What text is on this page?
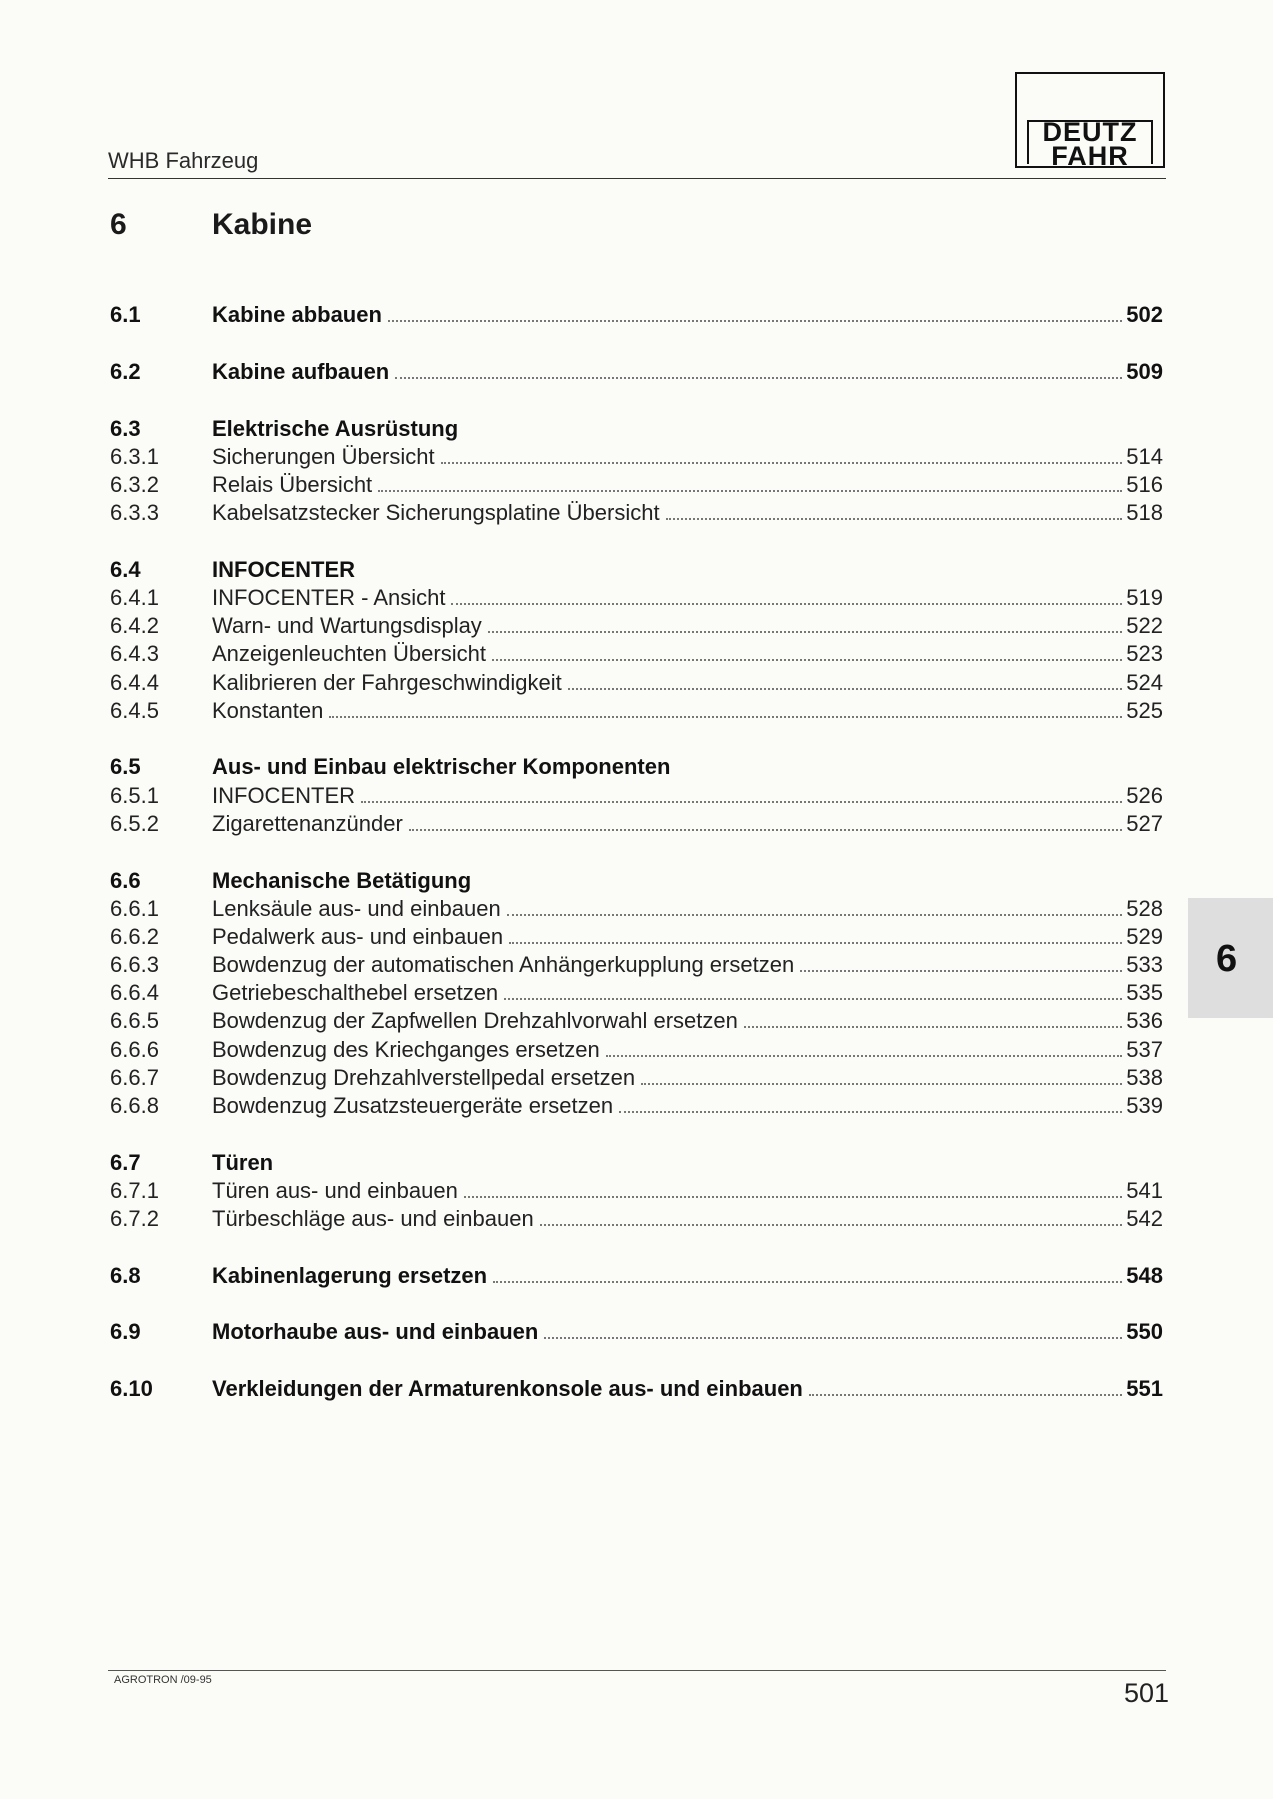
WHB Fahrzeug
DEUTZ
FAHR
6	Kabine
6.1	Kabine abbauen	502
6.2	Kabine aufbauen	509
6.3	Elektrische Ausrüstung
6.3.1	Sicherungen Übersicht	514
6.3.2	Relais Übersicht	516
6.3.3	Kabelsatzstecker Sicherungsplatine Übersicht	518
6.4	INFOCENTER
6.4.1	INFOCENTER - Ansicht	519
6.4.2	Warn- und Wartungsdisplay	522
6.4.3	Anzeigenleuchten Übersicht	523
6.4.4	Kalibrieren der Fahrgeschwindigkeit	524
6.4.5	Konstanten	525
6.5	Aus- und Einbau elektrischer Komponenten
6.5.1	INFOCENTER	526
6.5.2	Zigarettenanzünder	527
6.6	Mechanische Betätigung
6.6.1	Lenksäule aus- und einbauen	528
6.6.2	Pedalwerk aus- und einbauen	529
6.6.3	Bowdenzug der automatischen Anhängerkupplung ersetzen	533
6.6.4	Getriebeschalthebel ersetzen	535
6.6.5	Bowdenzug der Zapfwellen Drehzahlvorwahl ersetzen	536
6.6.6	Bowdenzug des Kriechganges ersetzen	537
6.6.7	Bowdenzug Drehzahlverstellpedal ersetzen	538
6.6.8	Bowdenzug Zusatzsteuergeräte ersetzen	539
6.7	Türen
6.7.1	Türen aus- und einbauen	541
6.7.2	Türbeschläge aus- und einbauen	542
6.8	Kabinenlagerung ersetzen	548
6.9	Motorhaube aus- und einbauen	550
6.10	Verkleidungen der Armaturenkonsole aus- und einbauen	551
6
AGROTRON /09-95	501
